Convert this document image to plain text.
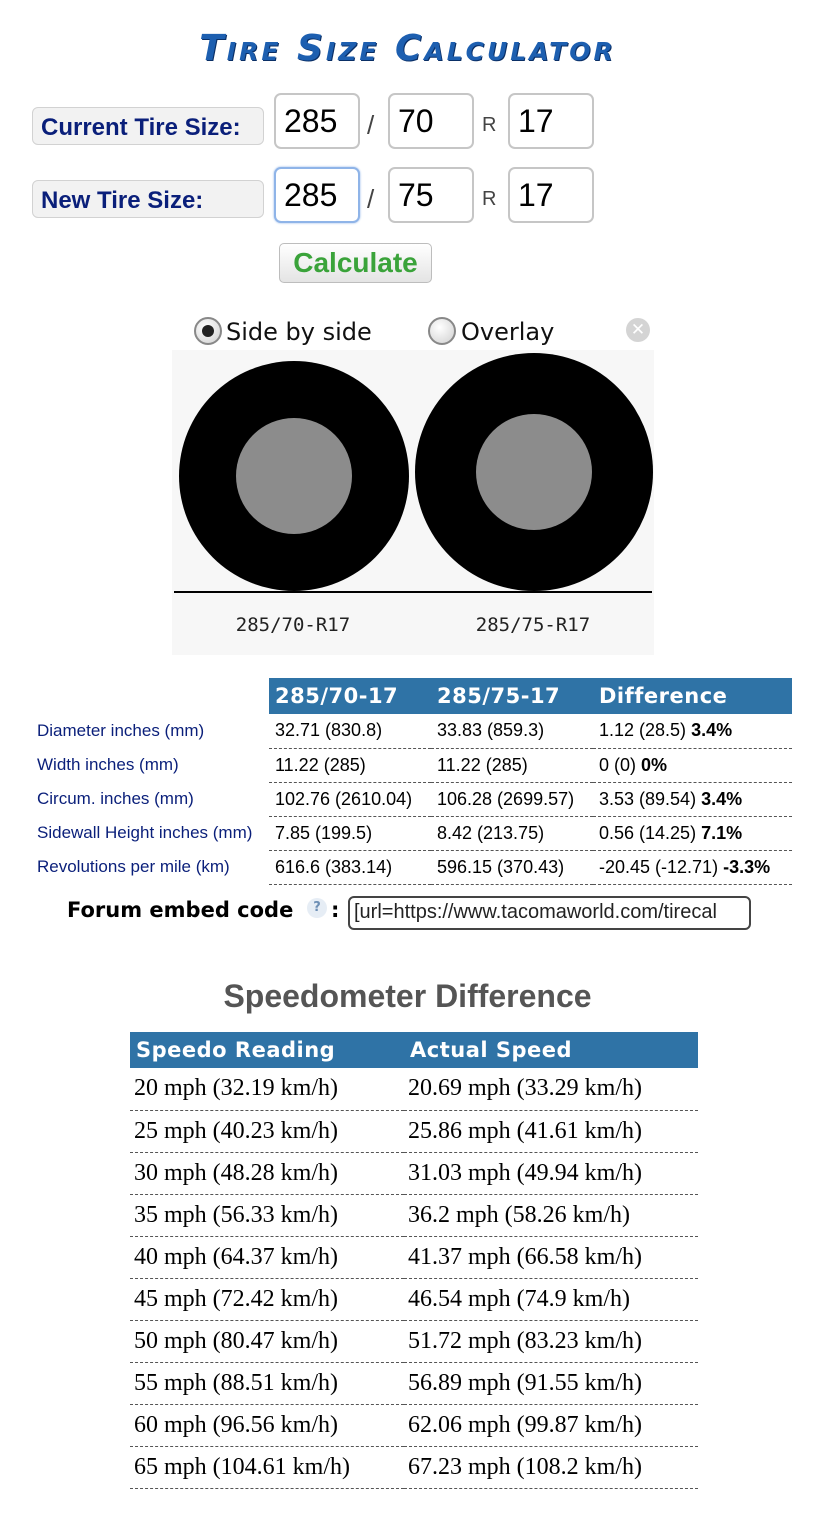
Tire Size Calculator
Current Tire Size:	285	/ 70	R 17
New Tire Size:	285	/ 75	R 17
Calculate
Side by side	Overlay	✕
285/70-R17	285/75-R17
	285/70-17	285/75-17	Difference
Diameter inches (mm)	32.71 (830.8)	33.83 (859.3)	1.12 (28.5) 3.4%
Width inches (mm)	11.22 (285)	11.22 (285)	0 (0) 0%
Circum. inches (mm)	102.76 (2610.04)	106.28 (2699.57)	3.53 (89.54) 3.4%
Sidewall Height inches (mm)	7.85 (199.5)	8.42 (213.75)	0.56 (14.25) 7.1%
Revolutions per mile (km)	616.6 (383.14)	596.15 (370.43)	-20.45 (-12.71) -3.3%
Forum embed code	? : [url=https://www.tacomaworld.com/tirecal
Speedometer Difference
Speedo Reading	Actual Speed
20 mph (32.19 km/h)	20.69 mph (33.29 km/h)
25 mph (40.23 km/h)	25.86 mph (41.61 km/h)
30 mph (48.28 km/h)	31.03 mph (49.94 km/h)
35 mph (56.33 km/h)	36.2 mph (58.26 km/h)
40 mph (64.37 km/h)	41.37 mph (66.58 km/h)
45 mph (72.42 km/h)	46.54 mph (74.9 km/h)
50 mph (80.47 km/h)	51.72 mph (83.23 km/h)
55 mph (88.51 km/h)	56.89 mph (91.55 km/h)
60 mph (96.56 km/h)	62.06 mph (99.87 km/h)
65 mph (104.61 km/h)	67.23 mph (108.2 km/h)
